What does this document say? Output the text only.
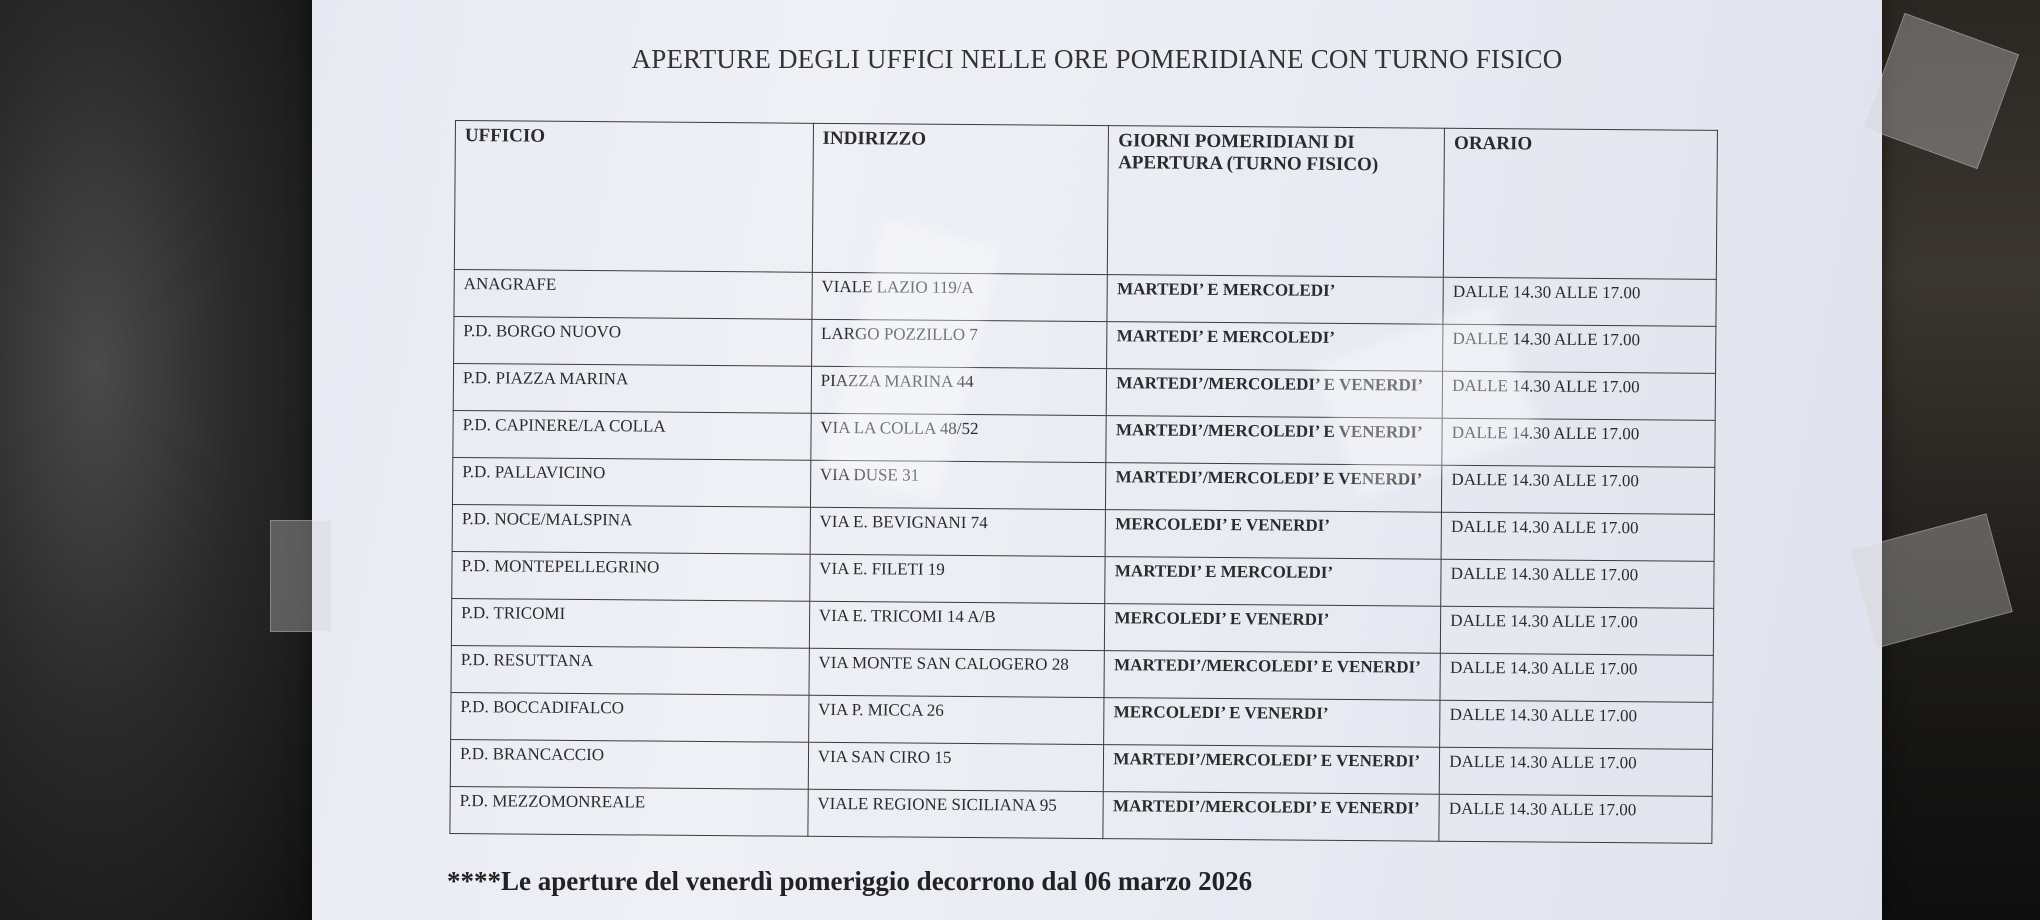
APERTURE DEGLI UFFICI NELLE ORE POMERIDIANE CON TURNO FISICO
UFFICIO	INDIRIZZO	GIORNI POMERIDIANI DI APERTURA (TURNO FISICO)	ORARIO
ANAGRAFE	VIALE LAZIO 119/A	MARTEDI’ E MERCOLEDI’	DALLE 14.30 ALLE 17.00
P.D. BORGO NUOVO	LARGO POZZILLO 7	MARTEDI’ E MERCOLEDI’	DALLE 14.30 ALLE 17.00
P.D. PIAZZA MARINA	PIAZZA MARINA 44	MARTEDI’/MERCOLEDI’ E VENERDI’	DALLE 14.30 ALLE 17.00
P.D. CAPINERE/LA COLLA	VIA LA COLLA 48/52	MARTEDI’/MERCOLEDI’ E VENERDI’	DALLE 14.30 ALLE 17.00
P.D. PALLAVICINO	VIA DUSE 31	MARTEDI’/MERCOLEDI’ E VENERDI’	DALLE 14.30 ALLE 17.00
P.D. NOCE/MALSPINA	VIA E. BEVIGNANI 74	MERCOLEDI’ E VENERDI’	DALLE 14.30 ALLE 17.00
P.D. MONTEPELLEGRINO	VIA E. FILETI 19	MARTEDI’ E MERCOLEDI’	DALLE 14.30 ALLE 17.00
P.D. TRICOMI	VIA E. TRICOMI 14 A/B	MERCOLEDI’ E VENERDI’	DALLE 14.30 ALLE 17.00
P.D. RESUTTANA	VIA MONTE SAN CALOGERO 28	MARTEDI’/MERCOLEDI’ E VENERDI’	DALLE 14.30 ALLE 17.00
P.D. BOCCADIFALCO	VIA P. MICCA 26	MERCOLEDI’ E VENERDI’	DALLE 14.30 ALLE 17.00
P.D. BRANCACCIO	VIA SAN CIRO 15	MARTEDI’/MERCOLEDI’ E VENERDI’	DALLE 14.30 ALLE 17.00
P.D. MEZZOMONREALE	VIALE REGIONE SICILIANA 95	MARTEDI’/MERCOLEDI’ E VENERDI’	DALLE 14.30 ALLE 17.00
****Le aperture del venerdì pomeriggio decorrono dal 06 marzo 2026
